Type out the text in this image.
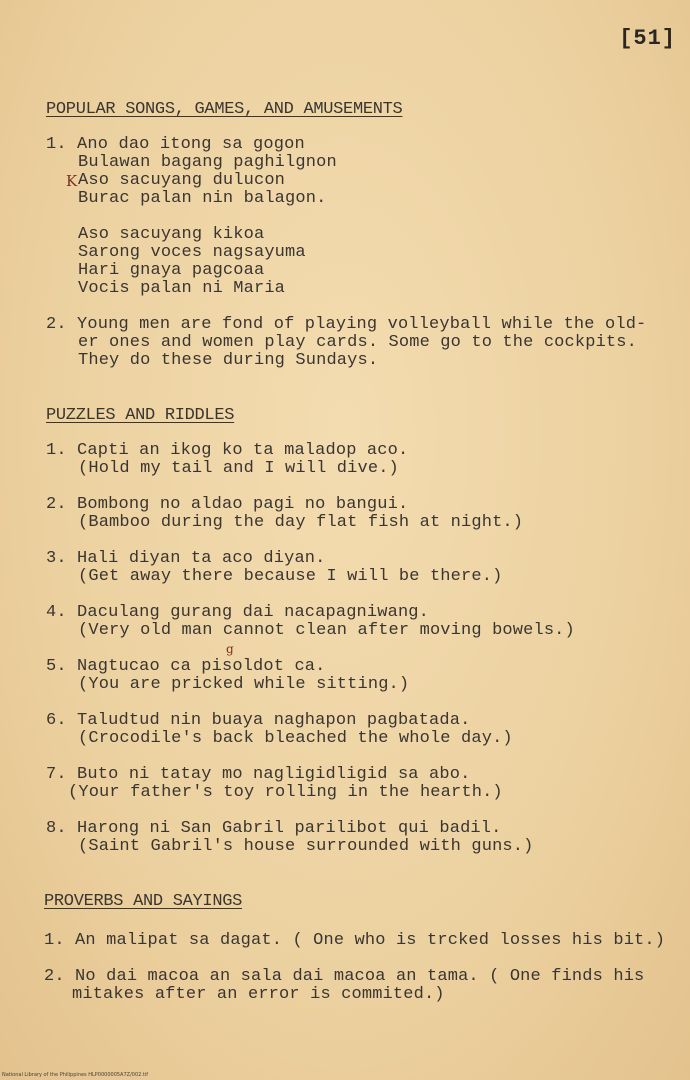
[51]
POPULAR SONGS, GAMES, AND AMUSEMENTS
1. Ano dao itong sa gogon
Bulawan bagang paghilgnon
K Aso sacuyang dulucon
Burac palan nin balagon.
Aso sacuyang kikoa
Sarong voces nagsayuma
Hari gnaya pagcoaa
Vocis palan ni Maria
2. Young men are fond of playing volleyball while the old-
er ones and women play cards. Some go to the cockpits.
They do these during Sundays.
PUZZLES AND RIDDLES
1. Capti an ikog ko ta maladop aco.
(Hold my tail and I will dive.)
2. Bombong no aldao pagi no bangui.
(Bamboo during the day flat fish at night.)
3. Hali diyan ta aco diyan.
(Get away there because I will be there.)
4. Daculang gurang dai nacapagniwang.
(Very old man cannot clean after moving bowels.)
g
5. Nagtucao ca pisoldot ca.
(You are pricked while sitting.)
6. Taludtud nin buaya naghapon pagbatada.
(Crocodile's back bleached the whole day.)
7. Buto ni tatay mo nagligidligid sa abo.
(Your father's toy rolling in the hearth.)
8. Harong ni San Gabril parilibot qui badil.
(Saint Gabril's house surrounded with guns.)
PROVERBS AND SAYINGS
1. An malipat sa dagat. ( One who is trcked losses his bit.)
2. No dai macoa an sala dai macoa an tama. ( One finds his
mitakes after an error is commited.)
National Library of the Philippines HLP0000005A7Z/002.tif
